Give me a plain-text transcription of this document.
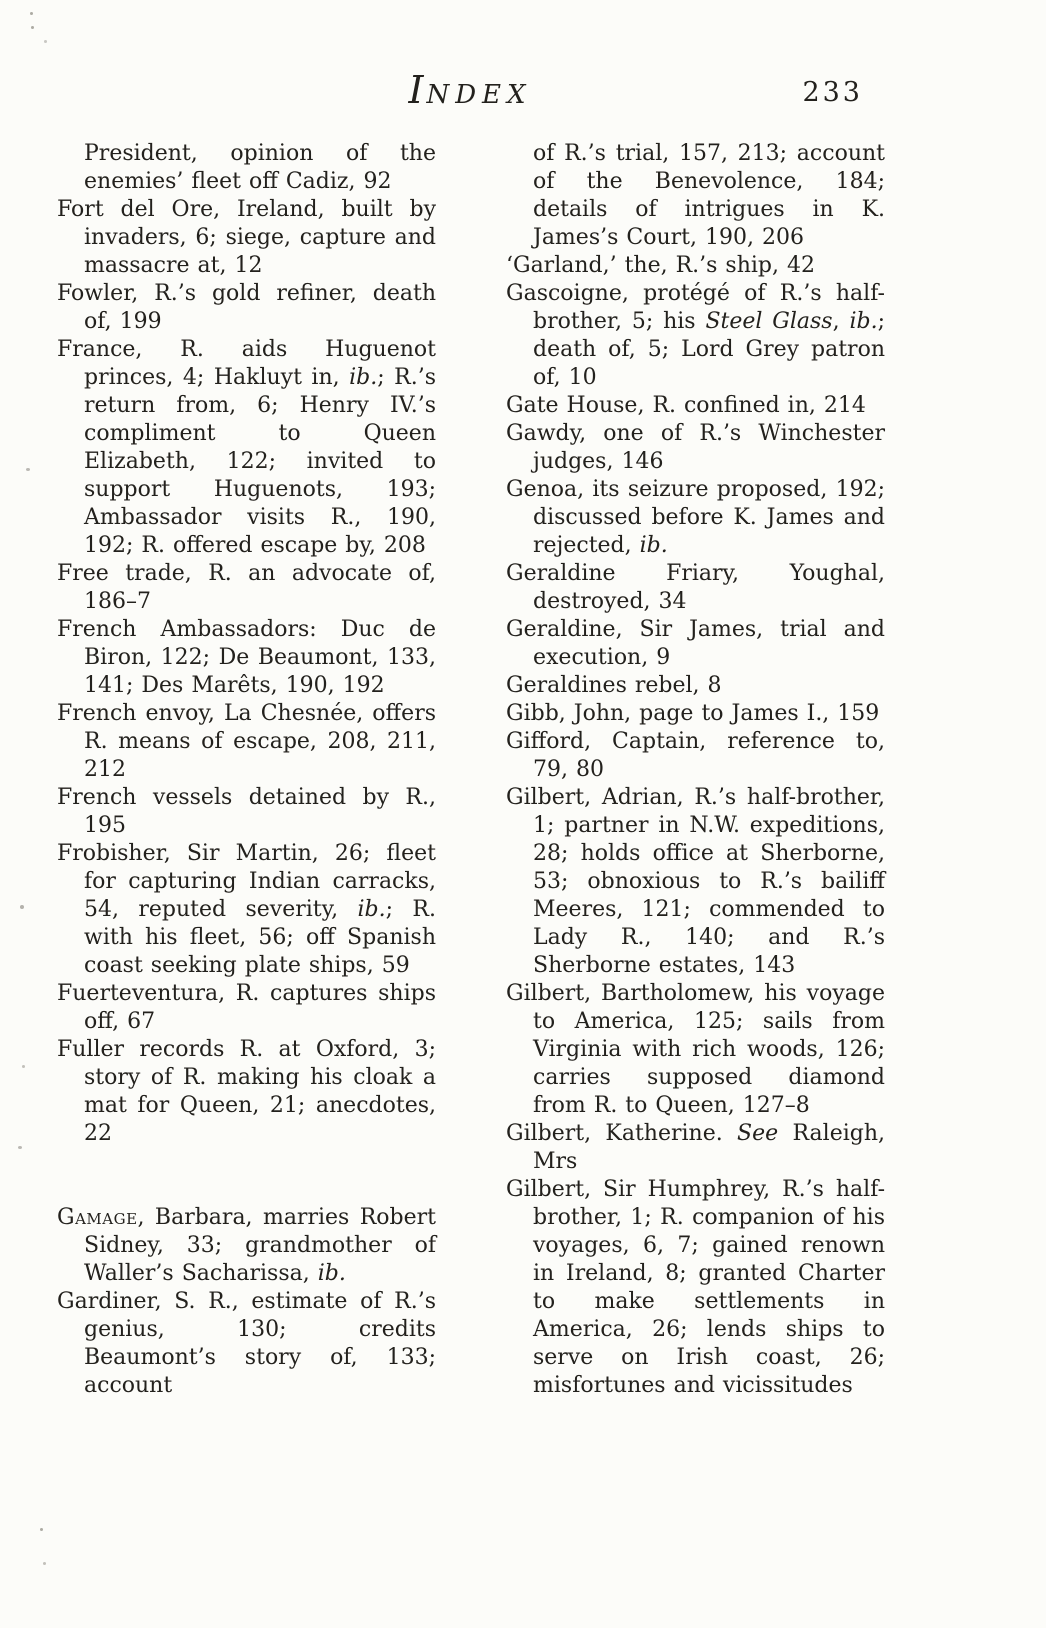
INDEX	233

President, opinion of the enemies’ fleet off Cadiz, 92

Fort del Ore, Ireland, built by invaders, 6; siege, capture and massacre at, 12

Fowler, R.’s gold refiner, death of, 199

France, R. aids Huguenot princes, 4; Hakluyt in, ib.; R.’s return from, 6; Henry IV.’s compliment to Queen Elizabeth, 122; invited to support Huguenots, 193; Ambassador visits R., 190, 192; R. offered escape by, 208

Free trade, R. an advocate of, 186–7

French Ambassadors: Duc de Biron, 122; De Beaumont, 133, 141; Des Marêts, 190, 192

French envoy, La Chesnée, offers R. means of escape, 208, 211, 212

French vessels detained by R., 195

Frobisher, Sir Martin, 26; fleet for capturing Indian carracks, 54, reputed severity, ib.; R. with his fleet, 56; off Spanish coast seeking plate ships, 59

Fuerteventura, R. captures ships off, 67

Fuller records R. at Oxford, 3; story of R. making his cloak a mat for Queen, 21; anecdotes, 22

Gamage, Barbara, marries Robert Sidney, 33; grandmother of Waller’s Sacharissa, ib.

Gardiner, S. R., estimate of R.’s genius, 130; credits Beaumont’s story of, 133; account

of R.’s trial, 157, 213; account of the Benevolence, 184; details of intrigues in K. James’s Court, 190, 206

‘Garland,’ the, R.’s ship, 42

Gascoigne, protégé of R.’s half-brother, 5; his Steel Glass, ib.; death of, 5; Lord Grey patron of, 10

Gate House, R. confined in, 214

Gawdy, one of R.’s Winchester judges, 146

Genoa, its seizure proposed, 192; discussed before K. James and rejected, ib.

Geraldine Friary, Youghal, destroyed, 34

Geraldine, Sir James, trial and execution, 9

Geraldines rebel, 8

Gibb, John, page to James I., 159

Gifford, Captain, reference to, 79, 80

Gilbert, Adrian, R.’s half-brother, 1; partner in N.W. expeditions, 28; holds office at Sherborne, 53; obnoxious to R.’s bailiff Meeres, 121; commended to Lady R., 140; and R.’s Sherborne estates, 143

Gilbert, Bartholomew, his voyage to America, 125; sails from Virginia with rich woods, 126; carries supposed diamond from R. to Queen, 127–8

Gilbert, Katherine. See Raleigh, Mrs

Gilbert, Sir Humphrey, R.’s half-brother, 1; R. companion of his voyages, 6, 7; gained renown in Ireland, 8; granted Charter to make settlements in America, 26; lends ships to serve on Irish coast, 26; misfortunes and vicissitudes
